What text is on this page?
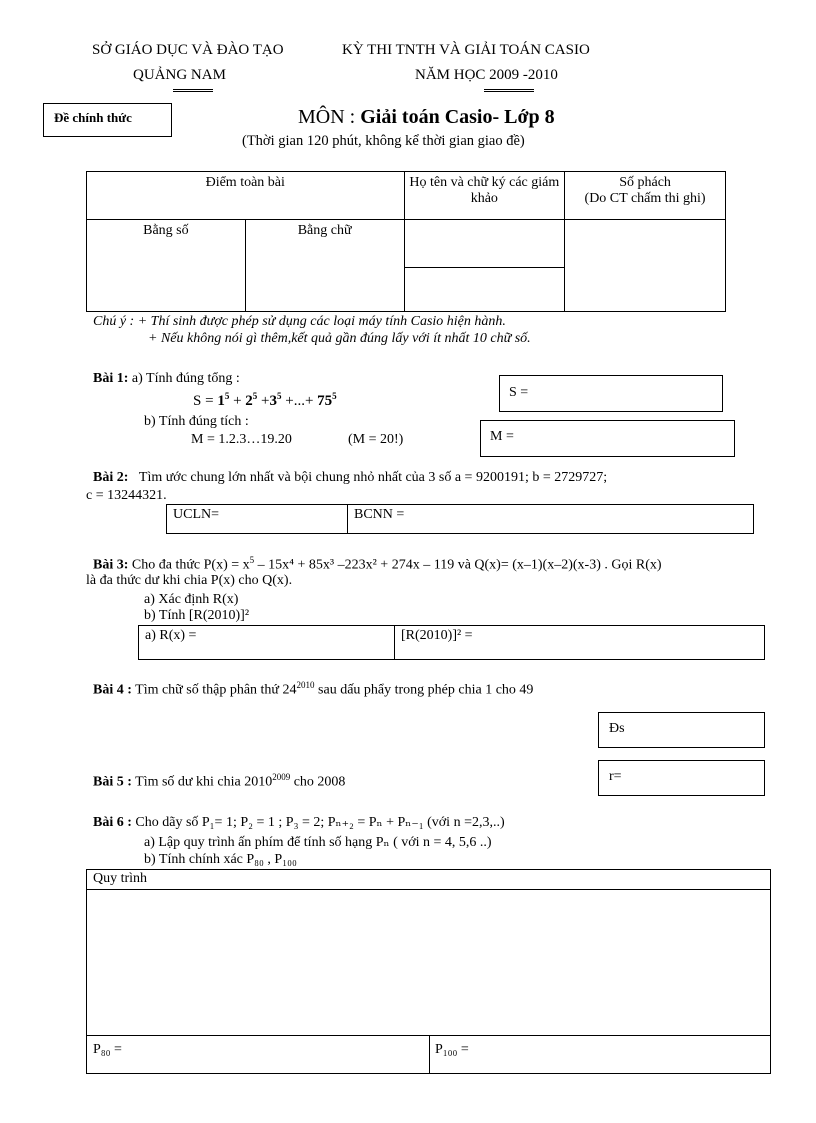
SỞ GIÁO DỤC VÀ ĐÀO TẠO
QUẢNG NAM
KỲ THI TNTH VÀ GIẢI TOÁN CASIO
NĂM HỌC 2009 -2010
Đề chính thức	MÔN : Giải toán Casio- Lớp 8
(Thời gian 120 phút, không kể thời gian giao đề)
Điểm toàn bài		Họ tên và chữ ký các giám khảo	Số phách
(Do CT chấm thi ghi)
Bằng số	Bằng chữ		

Chú ý : + Thí sinh được phép sử dụng các loại máy tính Casio hiện hành.
+ Nếu không nói gì thêm,kết quả gần đúng lấy với ít nhất 10 chữ số.
Bài 1: a) Tính đúng tổng :
$S = 1^5 + 2^5 +3^5$ +...+ $75^5$	S =
b) Tính đúng tích :
M = 1.2.3…19.20	(M = 20!)	M =
Bài 2: Tìm ước chung lớn nhất và bội chung nhỏ nhất của 3 số a = 9200191; b = 2729727;
c = 13244321.
UCLN=	BCNN =
Bài 3: Cho đa thức $P(x) = x^5 - 15x^4 + 85x^3$ –223x² + 274x – 119 và Q(x)= (x–1)(x–2)(x-3) . Gọi R(x)
là đa thức dư khi chia P(x) cho Q(x).
a) Xác định R(x)
b) Tính [R(2010)]²
a) R(x) =	[R(2010)]² =
Bài 4 : Tìm chữ số thập phân thứ $24^{2010}$ sau dấu phẩy trong phép chia 1 cho 49
Đs
Bài 5 : Tìm số dư khi chia $2010^{2009}$ cho 2008	r=
Bài 6 : Cho dãy số P₁= 1; P₂ = 1 ; P₃ = 2; Pₙ₊₂ = Pₙ + Pₙ₋₁ (với n =2,3,..)
a) Lập quy trình ấn phím để tính số hạng Pₙ ( với n = 4, 5,6 ..)
b) Tính chính xác P₈₀ , P₁₀₀
Quy trình
P₈₀ =	P₁₀₀ =
